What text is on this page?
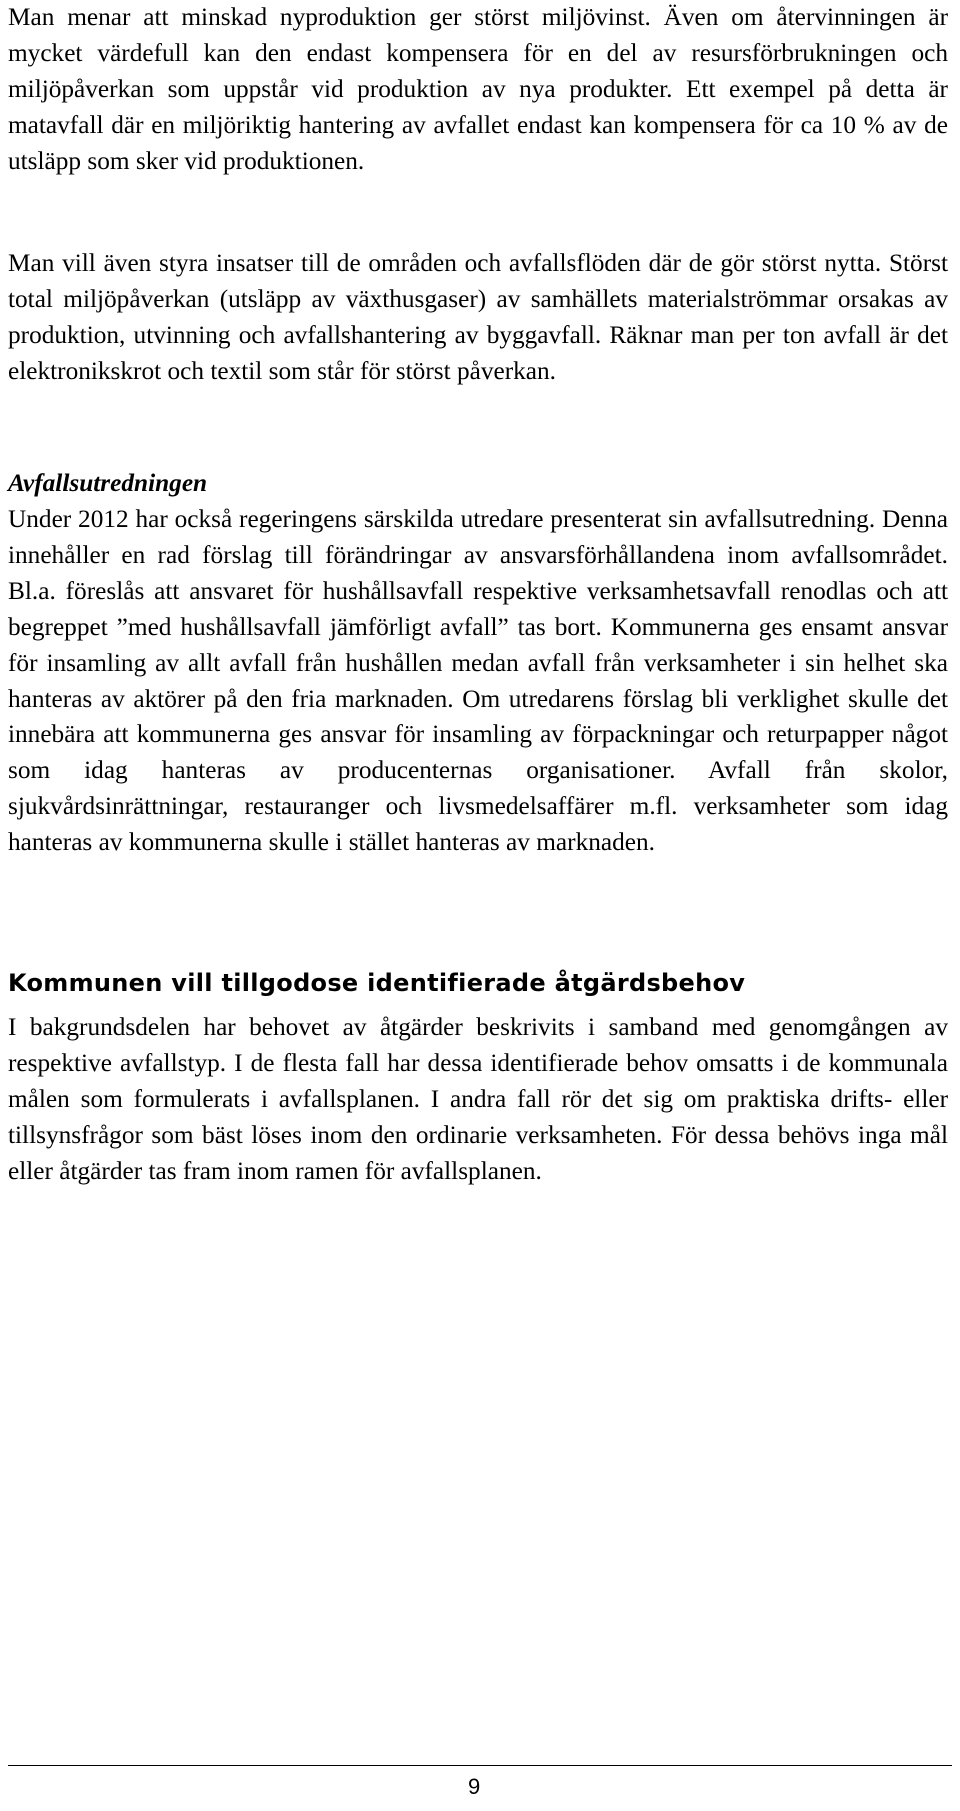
Man menar att minskad nyproduktion ger störst miljövinst. Även om återvinningen är mycket värdefull kan den endast kompensera för en del av resursförbrukningen och miljöpåverkan som uppstår vid produktion av nya produkter. Ett exempel på detta är matavfall där en miljöriktig hantering av avfallet endast kan kompensera för ca 10 % av de utsläpp som sker vid produktionen.

Man vill även styra insatser till de områden och avfallsflöden där de gör störst nytta. Störst total miljöpåverkan (utsläpp av växthusgaser) av samhällets materialströmmar orsakas av produktion, utvinning och avfallshantering av byggavfall. Räknar man per ton avfall är det elektronikskrot och textil som står för störst påverkan.

Avfallsutredningen

Under 2012 har också regeringens särskilda utredare presenterat sin avfallsutredning. Denna innehåller en rad förslag till förändringar av ansvarsförhållandena inom avfallsområdet. Bl.a. föreslås att ansvaret för hushållsavfall respektive verksamhetsavfall renodlas och att begreppet ”med hushållsavfall jämförligt avfall” tas bort. Kommunerna ges ensamt ansvar för insamling av allt avfall från hushållen medan avfall från verksamheter i sin helhet ska hanteras av aktörer på den fria marknaden. Om utredarens förslag bli verklighet skulle det innebära att kommunerna ges ansvar för insamling av förpackningar och returpapper något som idag hanteras av producenternas organisationer. Avfall från skolor, sjukvårdsinrättningar, restauranger och livsmedelsaffärer m.fl. verksamheter som idag hanteras av kommunerna skulle i stället hanteras av marknaden.

Kommunen vill tillgodose identifierade åtgärdsbehov

I bakgrundsdelen har behovet av åtgärder beskrivits i samband med genomgången av respektive avfallstyp. I de flesta fall har dessa identifierade behov omsatts i de kommunala målen som formulerats i avfallsplanen. I andra fall rör det sig om praktiska drifts- eller tillsynsfrågor som bäst löses inom den ordinarie verksamheten. För dessa behövs inga mål eller åtgärder tas fram inom ramen för avfallsplanen.

9
